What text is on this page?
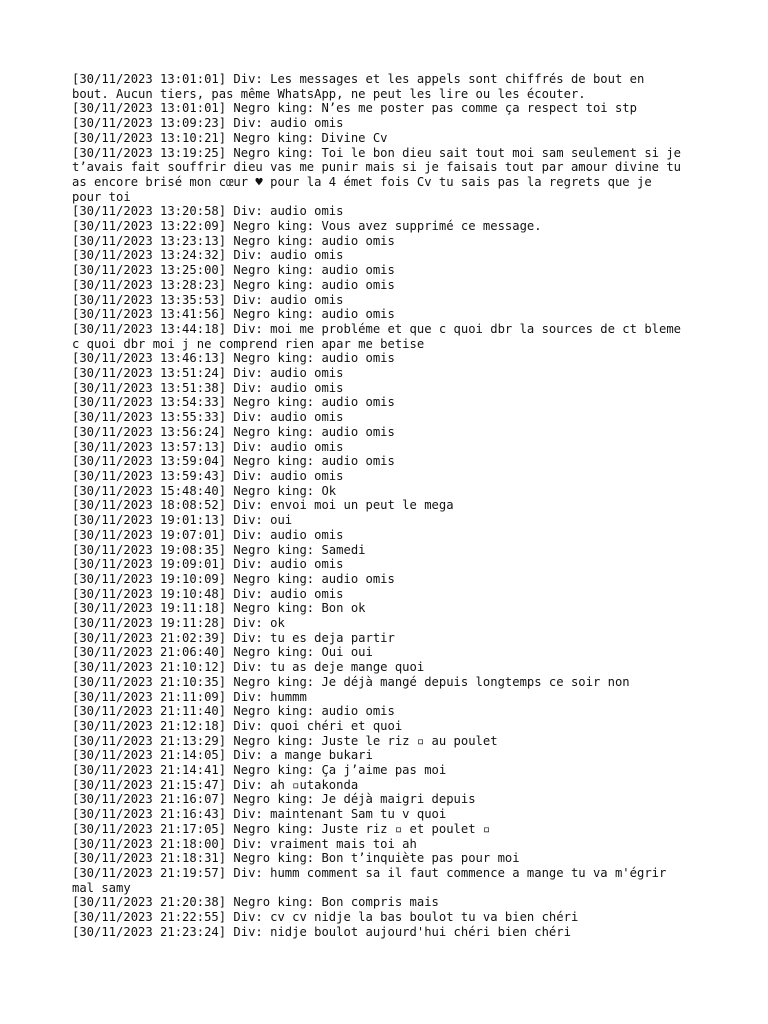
[30/11/2023 13:01:01] Div: Les messages et les appels sont chiffrés de bout en
bout. Aucun tiers, pas même WhatsApp, ne peut les lire ou les écouter.
[30/11/2023 13:01:01] Negro king: N’es me poster pas comme ça respect toi stp
[30/11/2023 13:09:23] Div: audio omis
[30/11/2023 13:10:21] Negro king: Divine Cv
[30/11/2023 13:19:25] Negro king: Toi le bon dieu sait tout moi sam seulement si je
t’avais fait souffrir dieu vas me punir mais si je faisais tout par amour divine tu
as encore brisé mon cœur ♥ pour la 4 émet fois Cv tu sais pas la regrets que je
pour toi
[30/11/2023 13:20:58] Div: audio omis
[30/11/2023 13:22:09] Negro king: Vous avez supprimé ce message.
[30/11/2023 13:23:13] Negro king: audio omis
[30/11/2023 13:24:32] Div: audio omis
[30/11/2023 13:25:00] Negro king: audio omis
[30/11/2023 13:28:23] Negro king: audio omis
[30/11/2023 13:35:53] Div: audio omis
[30/11/2023 13:41:56] Negro king: audio omis
[30/11/2023 13:44:18] Div: moi me probléme et que c quoi dbr la sources de ct bleme
c quoi dbr moi j ne comprend rien apar me betise
[30/11/2023 13:46:13] Negro king: audio omis
[30/11/2023 13:51:24] Div: audio omis
[30/11/2023 13:51:38] Div: audio omis
[30/11/2023 13:54:33] Negro king: audio omis
[30/11/2023 13:55:33] Div: audio omis
[30/11/2023 13:56:24] Negro king: audio omis
[30/11/2023 13:57:13] Div: audio omis
[30/11/2023 13:59:04] Negro king: audio omis
[30/11/2023 13:59:43] Div: audio omis
[30/11/2023 15:48:40] Negro king: Ok
[30/11/2023 18:08:52] Div: envoi moi un peut le mega
[30/11/2023 19:01:13] Div: oui
[30/11/2023 19:07:01] Div: audio omis
[30/11/2023 19:08:35] Negro king: Samedi
[30/11/2023 19:09:01] Div: audio omis
[30/11/2023 19:10:09] Negro king: audio omis
[30/11/2023 19:10:48] Div: audio omis
[30/11/2023 19:11:18] Negro king: Bon ok
[30/11/2023 19:11:28] Div: ok
[30/11/2023 21:02:39] Div: tu es deja partir
[30/11/2023 21:06:40] Negro king: Oui oui
[30/11/2023 21:10:12] Div: tu as deje mange quoi
[30/11/2023 21:10:35] Negro king: Je déjà mangé depuis longtemps ce soir non
[30/11/2023 21:11:09] Div: hummm
[30/11/2023 21:11:40] Negro king: audio omis
[30/11/2023 21:12:18] Div: quoi chéri et quoi
[30/11/2023 21:13:29] Negro king: Juste le riz ▫ au poulet
[30/11/2023 21:14:05] Div: a mange bukari
[30/11/2023 21:14:41] Negro king: Ça j’aime pas moi
[30/11/2023 21:15:47] Div: ah ▫utakonda
[30/11/2023 21:16:07] Negro king: Je déjà maigri depuis
[30/11/2023 21:16:43] Div: maintenant Sam tu v quoi
[30/11/2023 21:17:05] Negro king: Juste riz ▫ et poulet ▫
[30/11/2023 21:18:00] Div: vraiment mais toi ah
[30/11/2023 21:18:31] Negro king: Bon t’inquiète pas pour moi
[30/11/2023 21:19:57] Div: humm comment sa il faut commence a mange tu va m'égrir
mal samy
[30/11/2023 21:20:38] Negro king: Bon compris mais
[30/11/2023 21:22:55] Div: cv cv nidje la bas boulot tu va bien chéri
[30/11/2023 21:23:24] Div: nidje boulot aujourd'hui chéri bien chéri
